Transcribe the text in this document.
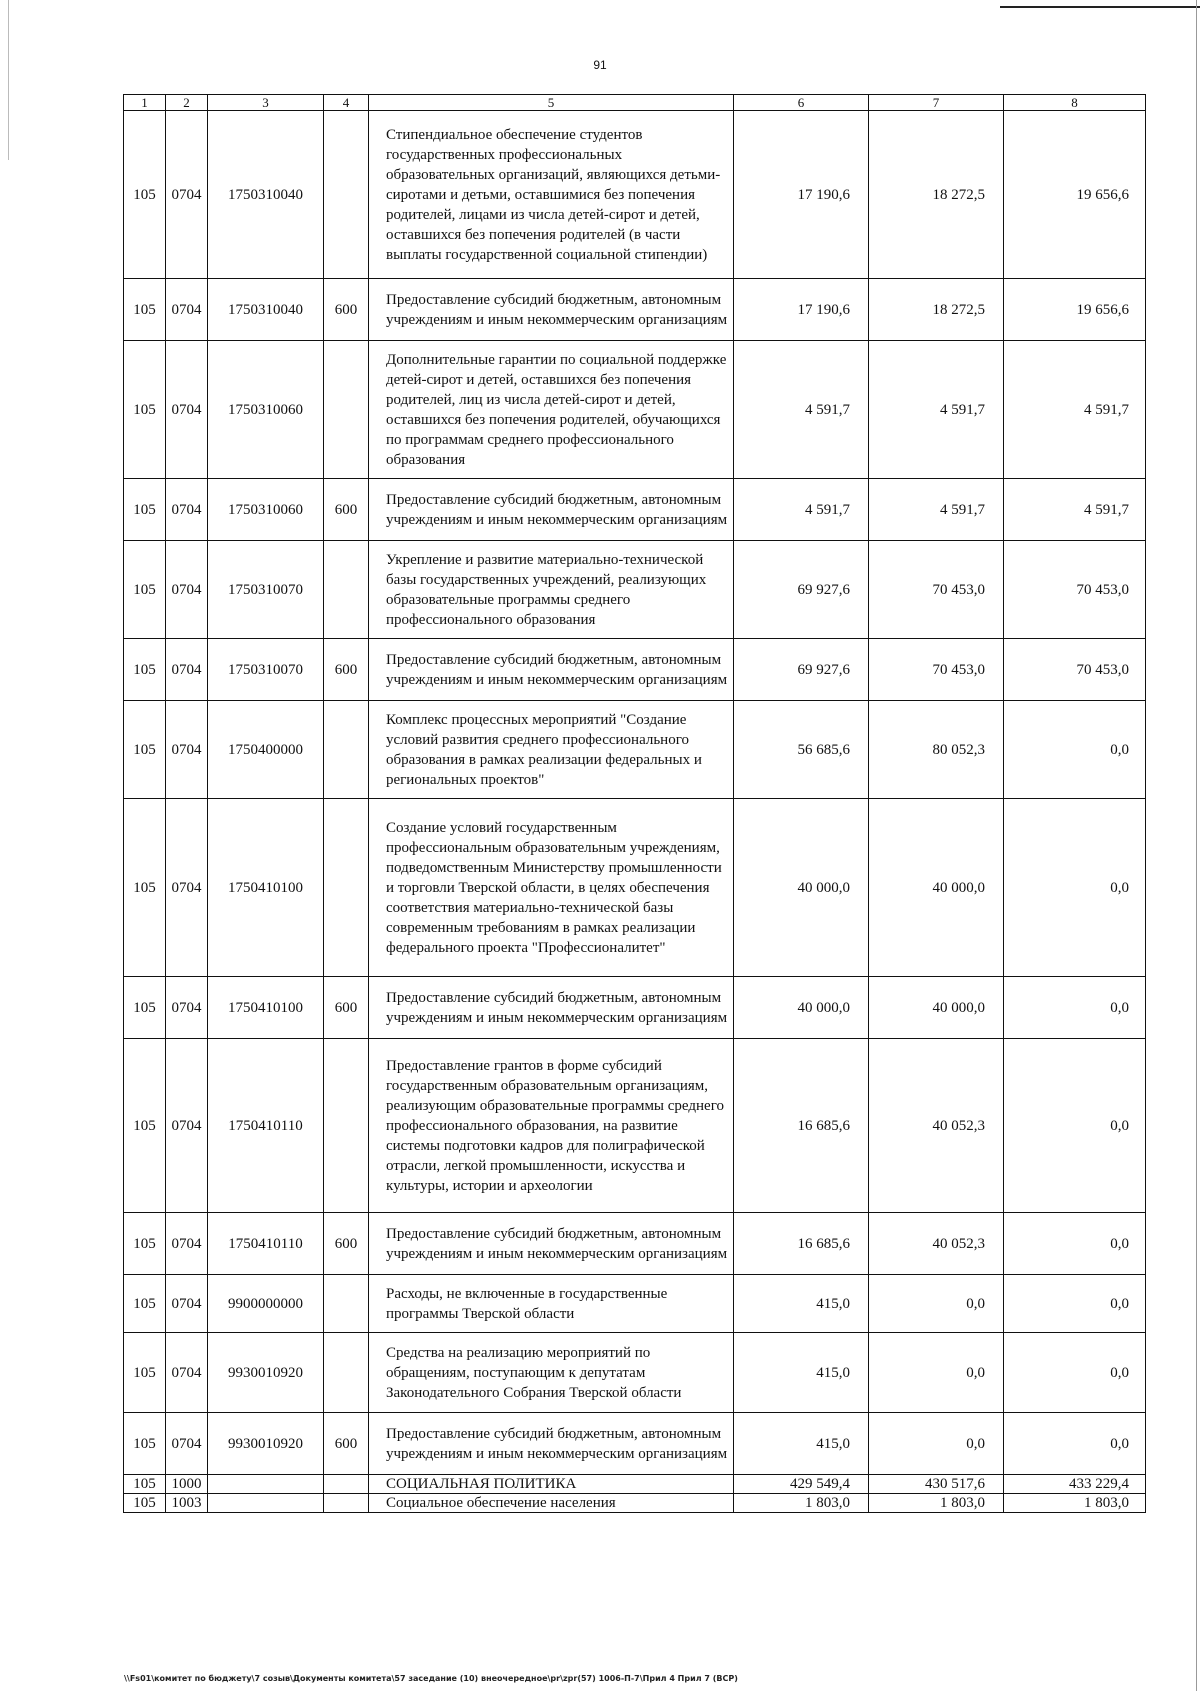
91
1	2	3	4	5	6	7	8
105	0704	1750310040		Стипендиальное обеспечение студентов государственных профессиональных образовательных организаций, являющихся детьми-сиротами и детьми, оставшимися без попечения родителей, лицами из числа детей-сирот и детей, оставшихся без попечения родителей (в части выплаты государственной социальной стипендии)	17 190,6	18 272,5	19 656,6
105	0704	1750310040	600	Предоставление субсидий бюджетным, автономным учреждениям и иным некоммерческим организациям	17 190,6	18 272,5	19 656,6
105	0704	1750310060		Дополнительные гарантии по социальной поддержке детей-сирот и детей, оставшихся без попечения родителей, лиц из числа детей-сирот и детей, оставшихся без попечения родителей, обучающихся по программам среднего профессионального образования	4 591,7	4 591,7	4 591,7
105	0704	1750310060	600	Предоставление субсидий бюджетным, автономным учреждениям и иным некоммерческим организациям	4 591,7	4 591,7	4 591,7
105	0704	1750310070		Укрепление и развитие материально-технической базы государственных учреждений, реализующих образовательные программы среднего профессионального образования	69 927,6	70 453,0	70 453,0
105	0704	1750310070	600	Предоставление субсидий бюджетным, автономным учреждениям и иным некоммерческим организациям	69 927,6	70 453,0	70 453,0
105	0704	1750400000		Комплекс процессных мероприятий "Создание условий развития среднего профессионального образования в рамках реализации федеральных и региональных проектов"	56 685,6	80 052,3	0,0
105	0704	1750410100		Создание условий государственным профессиональным образовательным учреждениям, подведомственным Министерству промышленности и торговли Тверской области, в целях обеспечения соответствия материально-технической базы современным требованиям в рамках реализации федерального проекта "Профессионалитет"	40 000,0	40 000,0	0,0
105	0704	1750410100	600	Предоставление субсидий бюджетным, автономным учреждениям и иным некоммерческим организациям	40 000,0	40 000,0	0,0
105	0704	1750410110		Предоставление грантов в форме субсидий государственным образовательным организациям, реализующим образовательные программы среднего профессионального образования, на развитие системы подготовки кадров для полиграфической отрасли, легкой промышленности, искусства и культуры, истории и археологии	16 685,6	40 052,3	0,0
105	0704	1750410110	600	Предоставление субсидий бюджетным, автономным учреждениям и иным некоммерческим организациям	16 685,6	40 052,3	0,0
105	0704	9900000000		Расходы, не включенные в государственные программы Тверской области	415,0	0,0	0,0
105	0704	9930010920		Средства на реализацию мероприятий по обращениям, поступающим к депутатам Законодательного Собрания Тверской области	415,0	0,0	0,0
105	0704	9930010920	600	Предоставление субсидий бюджетным, автономным учреждениям и иным некоммерческим организациям	415,0	0,0	0,0
105	1000			СОЦИАЛЬНАЯ ПОЛИТИКА	429 549,4	430 517,6	433 229,4
105	1003			Социальное обеспечение населения	1 803,0	1 803,0	1 803,0
\\Fs01\комитет по бюджету\7 созыв\Документы комитета\57 заседание (10) внеочередное\pr\zpr(57) 1006-П-7\Прил 4 Прил 7 (ВСР)
